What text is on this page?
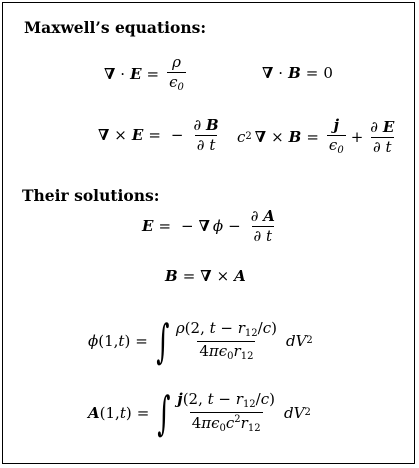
Maxwell’s equations:
∇ · $E = \frac{\rho}{\epsilon_0}$	∇ · B = 0
∇ × E = − $\frac{\partial B}{\partial t}$ c 2 ∇ × $B = \frac{j}{\epsilon_0} + \frac{\partial E}{\partial t}$
Their solutions:
E = − ∇ $\phi - \frac{\partial A}{\partial t}$
B = ∇ × A
ϕ (1, t ) = ∫ $\frac{\rho(2, t - r_{12}/c)}{4\pi\epsilon_0r_{12}}$ dV 2
A (1, t ) = ∫ $\frac{j(2, t - r_{12}/c)}{4\pi\epsilon_0c^2r_{12}}$ dV 2
